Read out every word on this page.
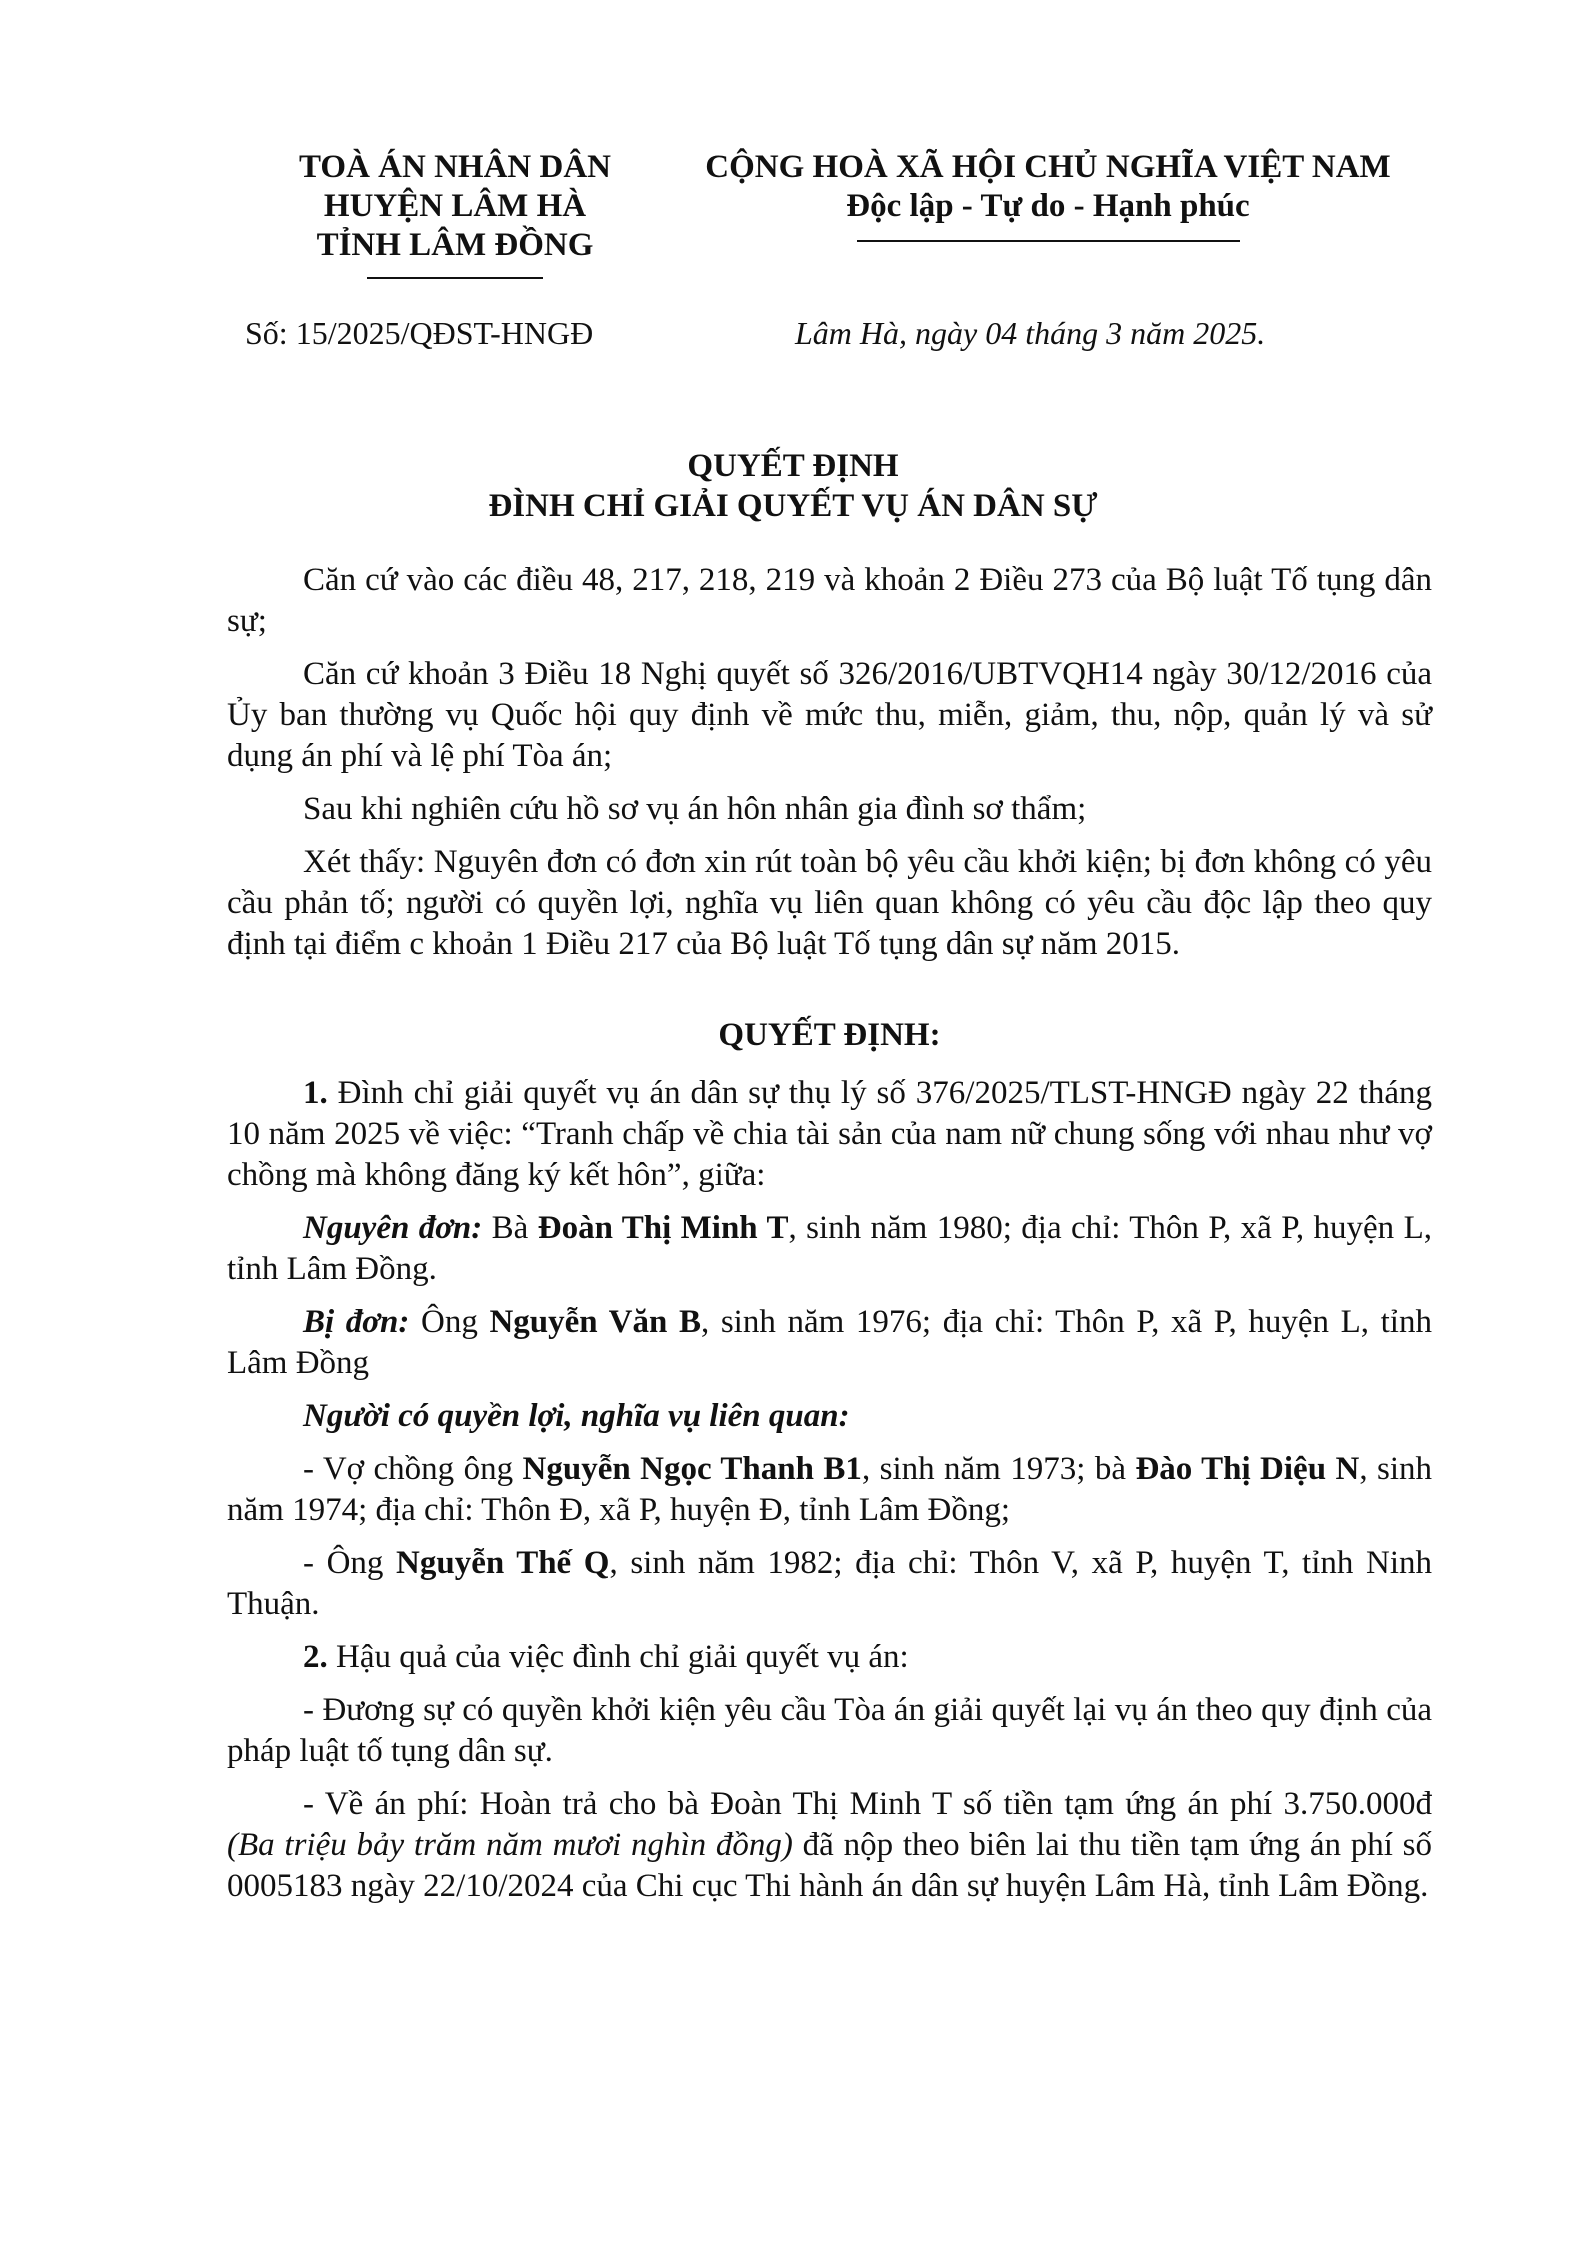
TOÀ ÁN NHÂN DÂN
HUYỆN LÂM HÀ
TỈNH LÂM ĐỒNG
CỘNG HOÀ XÃ HỘI CHỦ NGHĨA VIỆT NAM
Độc lập - Tự do - Hạnh phúc
Số: 15/2025/QĐST-HNGĐ	Lâm Hà, ngày 04 tháng 3 năm 2025.
QUYẾT ĐỊNH
ĐÌNH CHỈ GIẢI QUYẾT VỤ ÁN DÂN SỰ

Căn cứ vào các điều 48, 217, 218, 219 và khoản 2 Điều 273 của Bộ luật Tố tụng dân sự;

Căn cứ khoản 3 Điều 18 Nghị quyết số 326/2016/UBTVQH14 ngày 30/12/2016 của Ủy ban thường vụ Quốc hội quy định về mức thu, miễn, giảm, thu, nộp, quản lý và sử dụng án phí và lệ phí Tòa án;

Sau khi nghiên cứu hồ sơ vụ án hôn nhân gia đình sơ thẩm;

Xét thấy: Nguyên đơn có đơn xin rút toàn bộ yêu cầu khởi kiện; bị đơn không có yêu cầu phản tố; người có quyền lợi, nghĩa vụ liên quan không có yêu cầu độc lập theo quy định tại điểm c khoản 1 Điều 217 của Bộ luật Tố tụng dân sự năm 2015.

QUYẾT ĐỊNH:

1. Đình chỉ giải quyết vụ án dân sự thụ lý số 376/2025/TLST-HNGĐ ngày 22 tháng 10 năm 2025 về việc: “Tranh chấp về chia tài sản của nam nữ chung sống với nhau như vợ chồng mà không đăng ký kết hôn”, giữa:

Nguyên đơn: Bà Đoàn Thị Minh T, sinh năm 1980; địa chỉ: Thôn P, xã P, huyện L, tỉnh Lâm Đồng.

Bị đơn: Ông Nguyễn Văn B, sinh năm 1976; địa chỉ: Thôn P, xã P, huyện L, tỉnh Lâm Đồng

Người có quyền lợi, nghĩa vụ liên quan:

- Vợ chồng ông Nguyễn Ngọc Thanh B1, sinh năm 1973; bà Đào Thị Diệu N, sinh năm 1974; địa chỉ: Thôn Đ, xã P, huyện Đ, tỉnh Lâm Đồng;

- Ông Nguyễn Thế Q, sinh năm 1982; địa chỉ: Thôn V, xã P, huyện T, tỉnh Ninh Thuận.

2. Hậu quả của việc đình chỉ giải quyết vụ án:

- Đương sự có quyền khởi kiện yêu cầu Tòa án giải quyết lại vụ án theo quy định của pháp luật tố tụng dân sự.

- Về án phí: Hoàn trả cho bà Đoàn Thị Minh T số tiền tạm ứng án phí 3.750.000đ (Ba triệu bảy trăm năm mươi nghìn đồng) đã nộp theo biên lai thu tiền tạm ứng án phí số 0005183 ngày 22/10/2024 của Chi cục Thi hành án dân sự huyện Lâm Hà, tỉnh Lâm Đồng.
